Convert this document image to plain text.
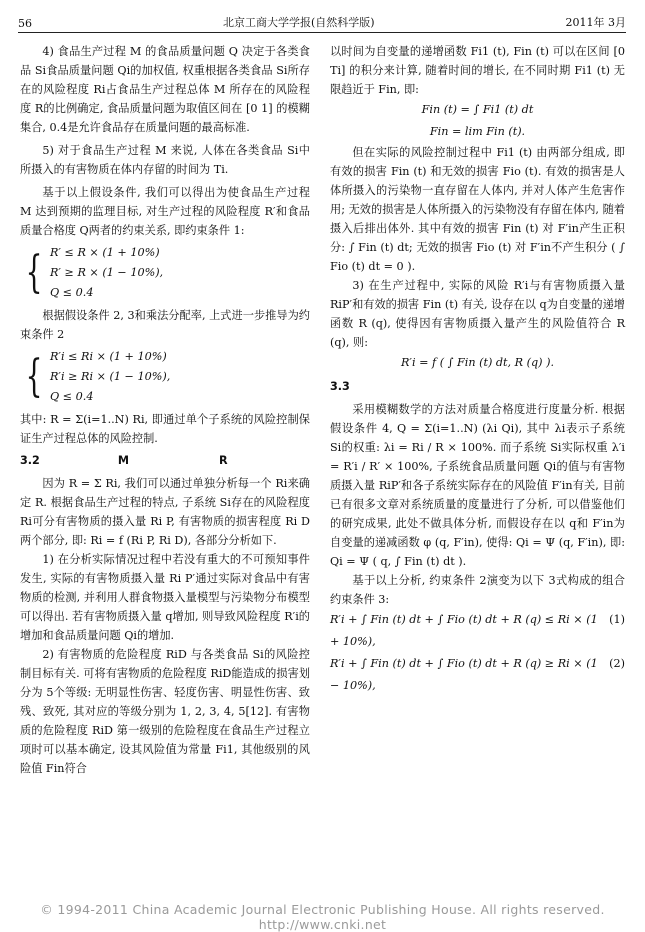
56	北京工商大学学报(自然科学版)	2011年 3月

4) 食品生产过程 M 的食品质量问题 Q 决定于各类食品 Si食品质量问题 Qi的加权值, 权重根据各类食品 Si所存在的风险程度 Ri占食品生产过程总体 M 所存在的风险程度 R的比例确定, 食品质量问题为取值区间在 [0 1] 的模糊集合, 0.4是允许食品存在质量问题的最高标准.

5) 对于食品生产过程 M 来说, 人体在各类食品 Si中所摄入的有害物质在体内存留的时间为 Ti.

基于以上假设条件, 我们可以得出为使食品生产过程 M 达到预期的监理目标, 对生产过程的风险程度 R′和食品质量合格度 Q两者的约束关系, 即约束条件 1:

{ R′ ≤ R × (1 + 10%)
R′ ≥ R × (1 − 10%),
Q ≤ 0.4

根据假设条件 2, 3和乘法分配率, 上式进一步推导为约束条件 2

{ R′i ≤ Ri × (1 + 10%)
R′i ≥ Ri × (1 − 10%),
Q ≤ 0.4

其中: R = Σ(i=1..N) Ri, 即通过单个子系统的风险控制保证生产过程总体的风险控制.

3.2	M	R

因为 R = Σ Ri, 我们可以通过单独分析每一个 Ri来确定 R. 根据食品生产过程的特点, 子系统 Si存在的风险程度 Ri可分有害物质的摄入量 Ri P, 有害物质的损害程度 Ri D 两个部分, 即: Ri = f (Ri P, Ri D), 各部分分析如下.

1) 在分析实际情况过程中若没有重大的不可预知事件发生, 实际的有害物质摄入量 Ri P′通过实际对食品中有害物质的检测, 并利用人群食物摄入量模型与污染物分布模型可以得出. 若有害物质摄入量 q增加, 则导致风险程度 R′i的增加和食品质量问题 Qi的增加.

2) 有害物质的危险程度 RiD 与各类食品 Si的风险控制目标有关. 可将有害物质的危险程度 RiD能造成的损害划分为 5个等级: 无明显性伤害、轻度伤害、明显性伤害、致残、致死, 其对应的等级分别为 1, 2, 3, 4, 5[12]. 有害物质的危险程度 RiD 第一级别的危险程度在食品生产过程立项时可以基本确定, 设其风险值为常量 Fi1, 其他级别的风险值 Fin符合

以时间为自变量的递增函数 Fi1 (t), Fin (t) 可以在区间 [0 Ti] 的积分来计算, 随着时间的增长, 在不同时期 Fi1 (t) 无限趋近于 Fin, 即:

Fin (t) = ∫ Fi1 (t) dt
Fin = lim Fin (t).

但在实际的风险控制过程中 Fi1 (t) 由两部分组成, 即有效的损害 Fin (t) 和无效的损害 Fio (t). 有效的损害是人体所摄入的污染物一直存留在人体内, 并对人体产生危害作用; 无效的损害是人体所摄入的污染物没有存留在体内, 随着摄入后排出体外. 其中有效的损害 Fin (t) 对 F′in产生正积分: ∫ Fin (t) dt; 无效的损害 Fio (t) 对 F′in不产生积分 ( ∫ Fio (t) dt = 0 ).

3) 在生产过程中, 实际的风险 R′i与有害物质摄入量 RiP′和有效的损害 Fin (t) 有关, 设存在以 q为自变量的递增函数 R (q), 使得因有害物质摄入量产生的风险值符合 R (q), 则:

R′i = f ( ∫ Fin (t) dt, R (q) ).
3.3

采用模糊数学的方法对质量合格度进行度量分析. 根据假设条件 4, Q = Σ(i=1..N) (λi Qi), 其中 λi表示子系统 Si的权重: λi = Ri / R × 100%. 而子系统 Si实际权重 λ′i = R′i / R′ × 100%, 子系统食品质量问题 Qi的值与有害物质摄入量 RiP′和各子系统实际存在的风险值 F′in有关, 目前已有很多文章对系统质量的度量进行了分析, 可以借鉴他们的研究成果, 此处不做具体分析, 而假设存在以 q和 F′in为自变量的递减函数 φ (q, F′in), 使得: Qi = Ψ (q, F′in), 即: Qi = Ψ ( q, ∫ Fin (t) dt ).

基于以上分析, 约束条件 2演变为以下 3式构成的组合约束条件 3:

R′i + ∫ Fin (t) dt + ∫ Fio (t) dt + R (q) ≤ Ri × (1 + 10%),
(1)
R′i + ∫ Fin (t) dt + ∫ Fio (t) dt + R (q) ≥ Ri × (1 − 10%),
(2)
© 1994-2011 China Academic Journal Electronic Publishing House. All rights reserved. http://www.cnki.net
